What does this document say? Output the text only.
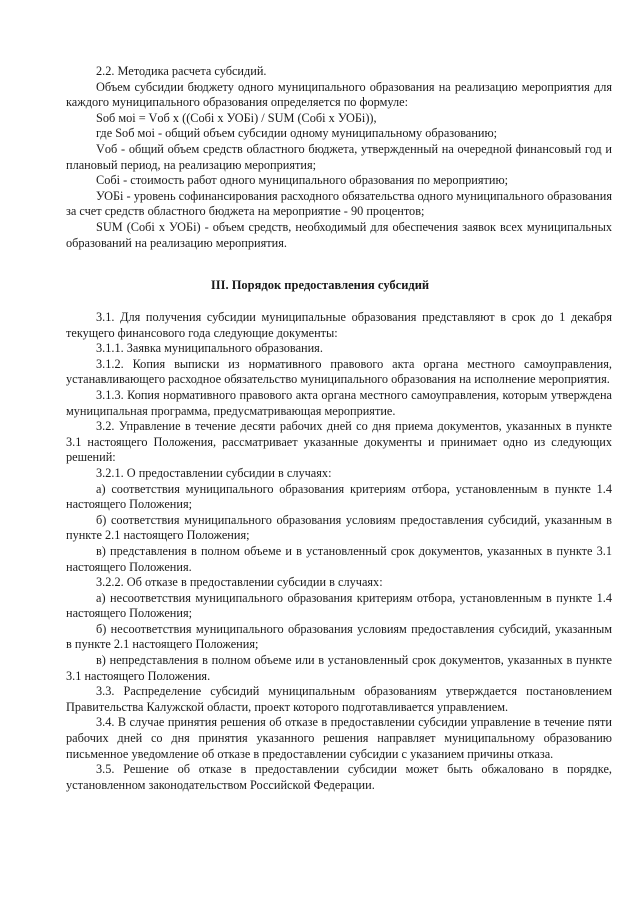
2.2. Методика расчета субсидий.

Объем субсидии бюджету одного муниципального образования на реализацию мероприятия для каждого муниципального образования определяется по формуле:

Sоб моi = Vоб х ((Cобi х УОБi) / SUM (Cобi х УОБi)),

где Sоб моi - общий объем субсидии одному муниципальному образованию;

Vоб - общий объем средств областного бюджета, утвержденный на очередной финансовый год и плановый период, на реализацию мероприятия;

Cобi - стоимость работ одного муниципального образования по мероприятию;

УОБi - уровень софинансирования расходного обязательства одного муниципального образования за счет средств областного бюджета на мероприятие - 90 процентов;

SUM (Cобi х УОБi) - объем средств, необходимый для обеспечения заявок всех муниципальных образований на реализацию мероприятия.

III. Порядок предоставления субсидий

3.1. Для получения субсидии муниципальные образования представляют в срок до 1 декабря текущего финансового года следующие документы:

3.1.1. Заявка муниципального образования.

3.1.2. Копия выписки из нормативного правового акта органа местного самоуправления, устанавливающего расходное обязательство муниципального образования на исполнение мероприятия.

3.1.3. Копия нормативного правового акта органа местного самоуправления, которым утверждена муниципальная программа, предусматривающая мероприятие.

3.2. Управление в течение десяти рабочих дней со дня приема документов, указанных в пункте 3.1 настоящего Положения, рассматривает указанные документы и принимает одно из следующих решений:

3.2.1. О предоставлении субсидии в случаях:

а) соответствия муниципального образования критериям отбора, установленным в пункте 1.4 настоящего Положения;

б) соответствия муниципального образования условиям предоставления субсидий, указанным в пункте 2.1 настоящего Положения;

в) представления в полном объеме и в установленный срок документов, указанных в пункте 3.1 настоящего Положения.

3.2.2. Об отказе в предоставлении субсидии в случаях:

а) несоответствия муниципального образования критериям отбора, установленным в пункте 1.4 настоящего Положения;

б) несоответствия муниципального образования условиям предоставления субсидий, указанным в пункте 2.1 настоящего Положения;

в) непредставления в полном объеме или в установленный срок документов, указанных в пункте 3.1 настоящего Положения.

3.3. Распределение субсидий муниципальным образованиям утверждается постановлением Правительства Калужской области, проект которого подготавливается управлением.

3.4. В случае принятия решения об отказе в предоставлении субсидии управление в течение пяти рабочих дней со дня принятия указанного решения направляет муниципальному образованию письменное уведомление об отказе в предоставлении субсидии с указанием причины отказа.

3.5. Решение об отказе в предоставлении субсидии может быть обжаловано в порядке, установленном законодательством Российской Федерации.
